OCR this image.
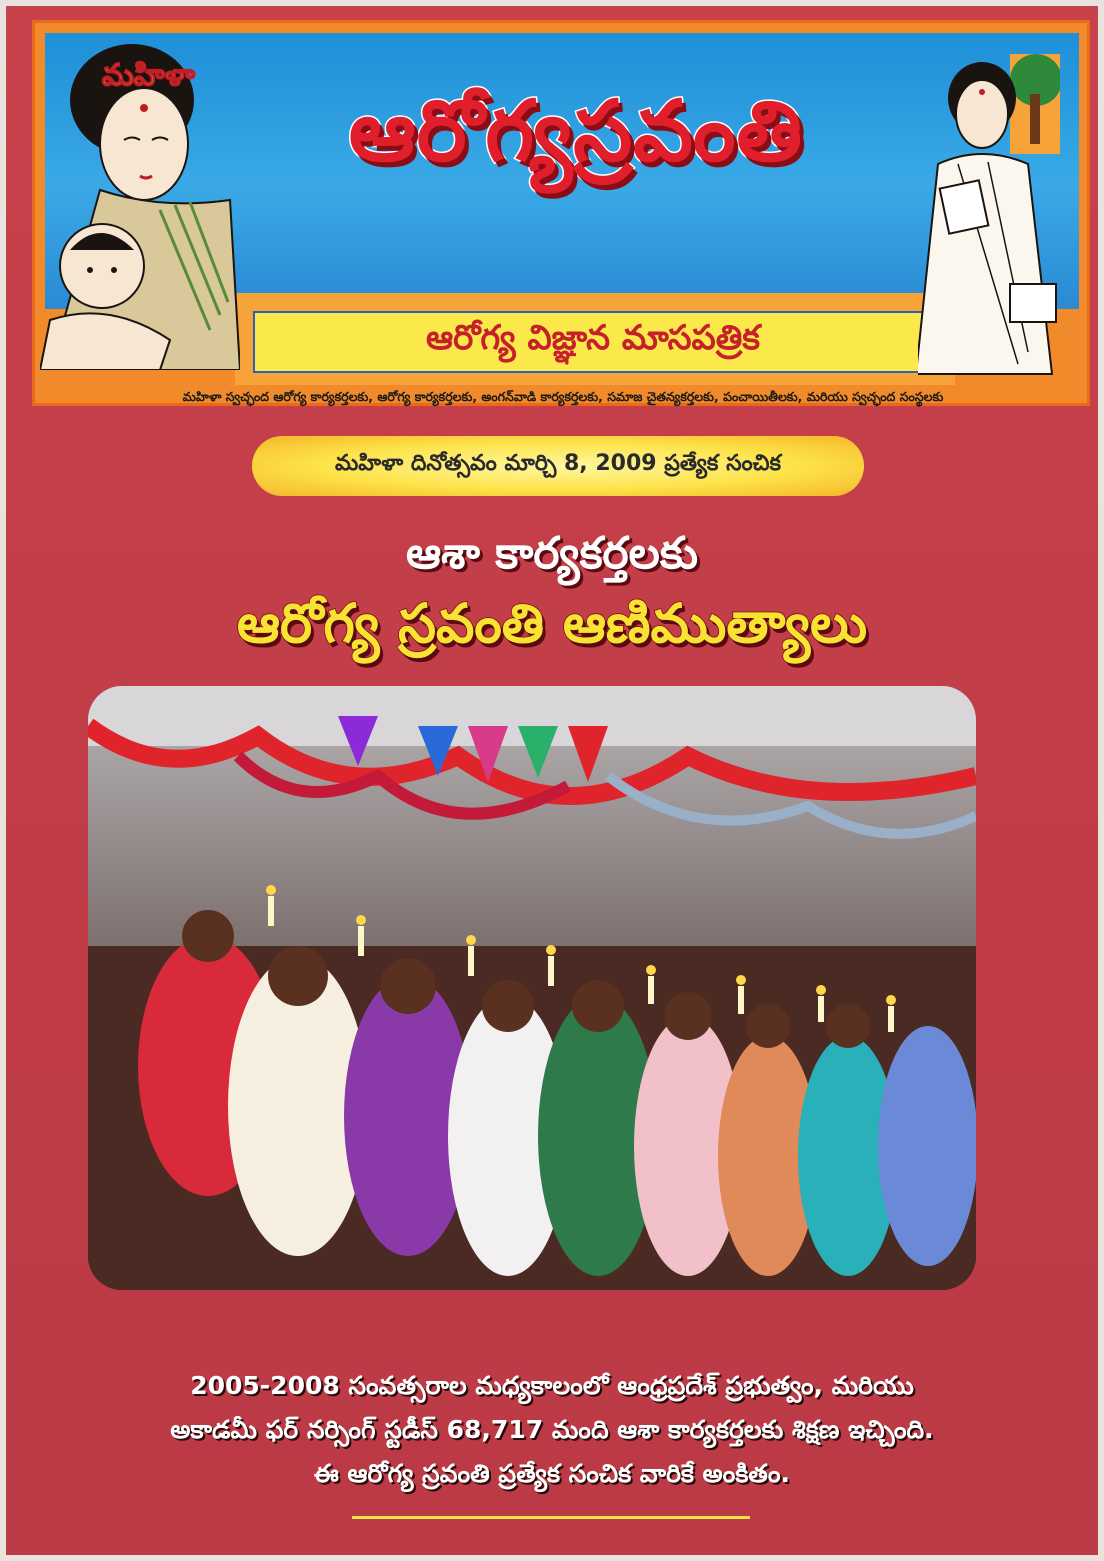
ఆరోగ్య విజ్ఞాన మాసపత్రిక
మహిళా స్వచ్ఛంద ఆరోగ్య కార్యకర్తలకు, ఆరోగ్య కార్యకర్తలకు, అంగన్‌వాడి కార్యకర్తలకు, సమాజ చైతన్యకర్తలకు, పంచాయితీలకు, మరియు స్వచ్ఛంద సంస్థలకు
మహిళా
ఆరోగ్యస్రవంతి
మహిళా దినోత్సవం మార్చి 8, 2009 ప్రత్యేక సంచిక
ఆశా కార్యకర్తలకు
ఆరోగ్య స్రవంతి ఆణిముత్యాలు
2005-2008 సంవత్సరాల మధ్యకాలంలో ఆంధ్రప్రదేశ్ ప్రభుత్వం, మరియు
అకాడమీ ఫర్ నర్సింగ్ స్టడీస్ 68,717 మంది ఆశా కార్యకర్తలకు శిక్షణ ఇచ్చింది.
ఈ ఆరోగ్య స్రవంతి ప్రత్యేక సంచిక వారికే అంకితం.
